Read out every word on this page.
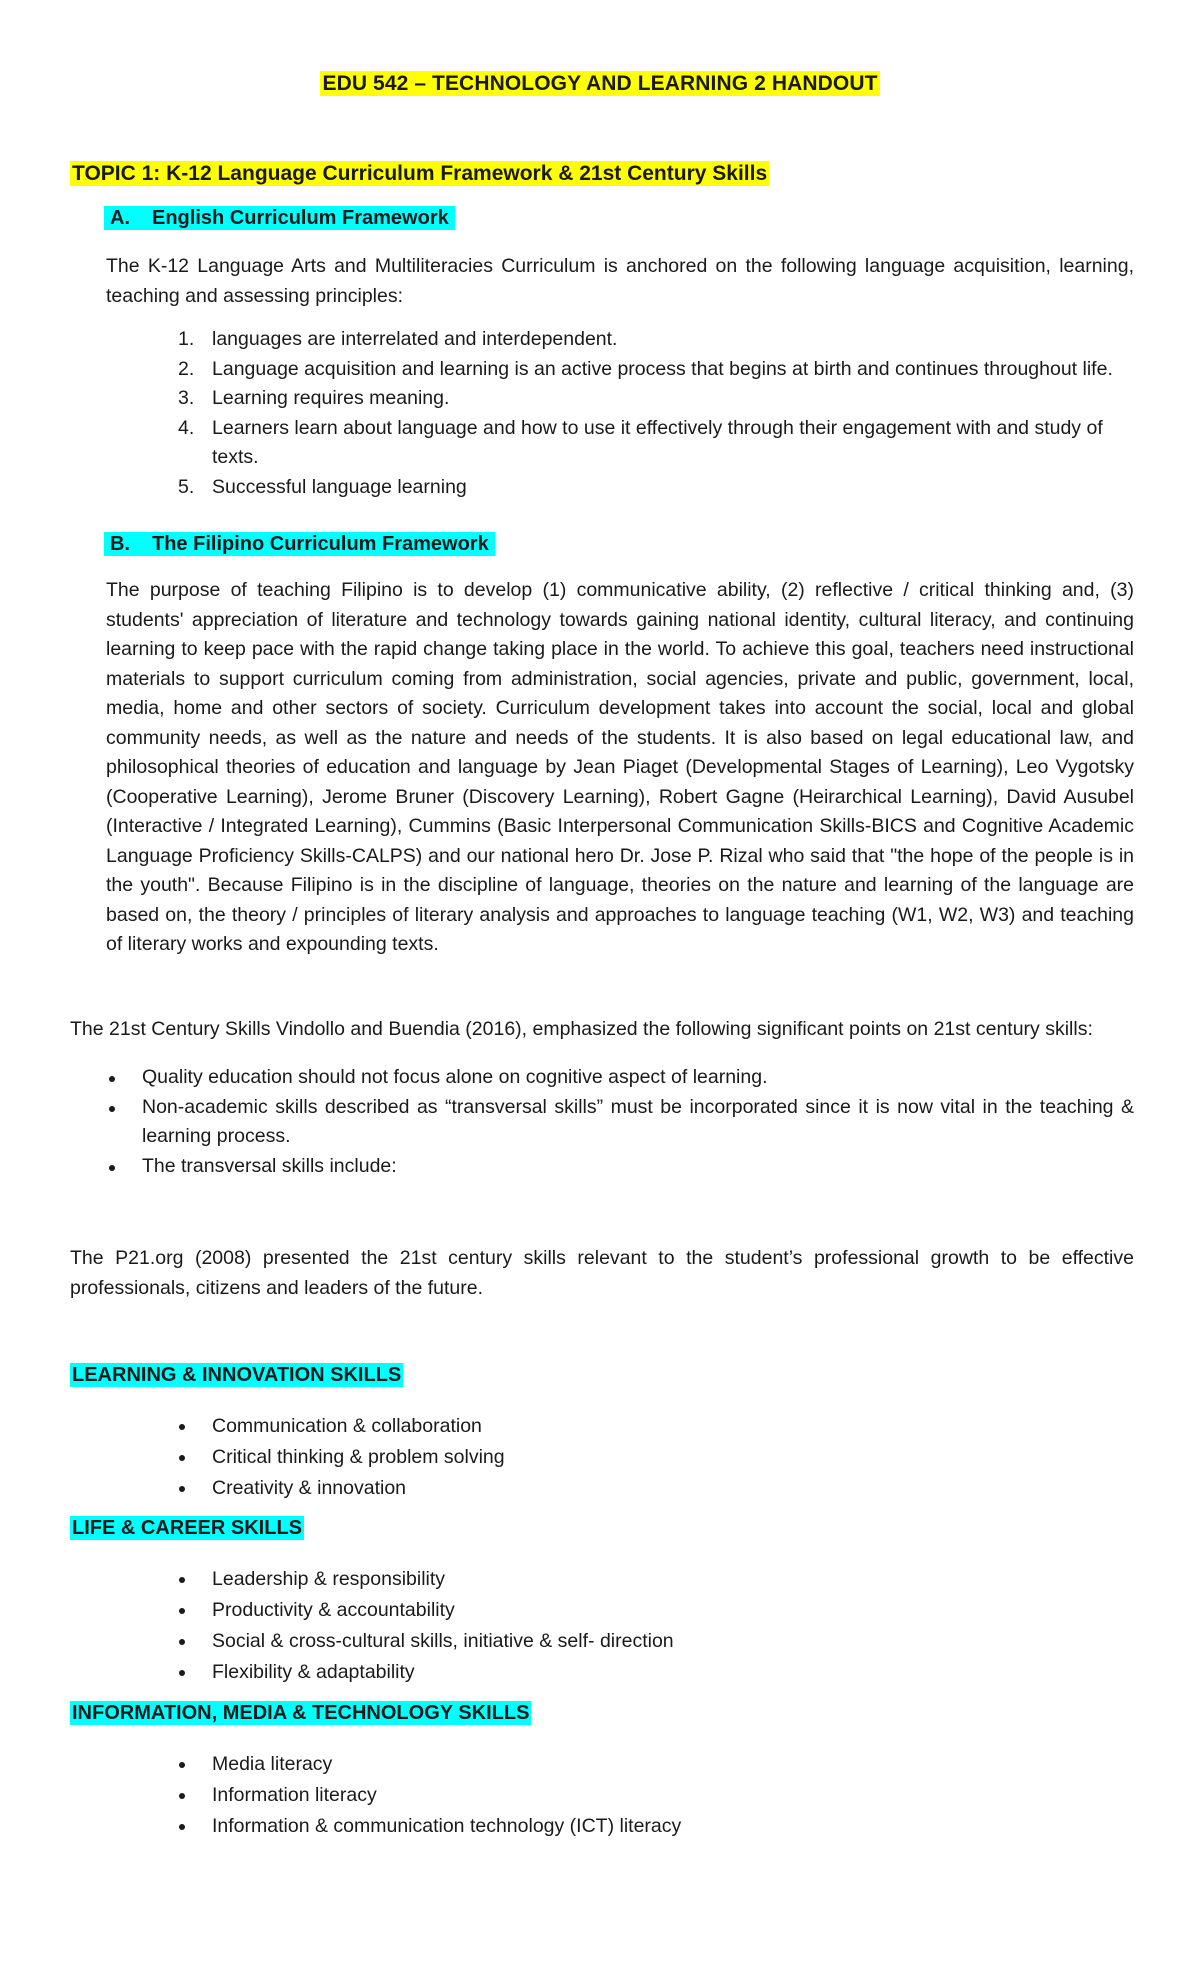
EDU 542 – TECHNOLOGY AND LEARNING 2 HANDOUT
TOPIC 1: K-12 Language Curriculum Framework & 21st Century Skills
A. English Curriculum Framework
The K-12 Language Arts and Multiliteracies Curriculum is anchored on the following language acquisition, learning, teaching and assessing principles:
1. languages are interrelated and interdependent.
2. Language acquisition and learning is an active process that begins at birth and continues throughout life.
3. Learning requires meaning.
4. Learners learn about language and how to use it effectively through their engagement with and study of texts.
5. Successful language learning
B. The Filipino Curriculum Framework
The purpose of teaching Filipino is to develop (1) communicative ability, (2) reflective / critical thinking and, (3) students' appreciation of literature and technology towards gaining national identity, cultural literacy, and continuing learning to keep pace with the rapid change taking place in the world. To achieve this goal, teachers need instructional materials to support curriculum coming from administration, social agencies, private and public, government, local, media, home and other sectors of society. Curriculum development takes into account the social, local and global community needs, as well as the nature and needs of the students. It is also based on legal educational law, and philosophical theories of education and language by Jean Piaget (Developmental Stages of Learning), Leo Vygotsky (Cooperative Learning), Jerome Bruner (Discovery Learning), Robert Gagne (Heirarchical Learning), David Ausubel (Interactive / Integrated Learning), Cummins (Basic Interpersonal Communication Skills-BICS and Cognitive Academic Language Proficiency Skills-CALPS) and our national hero Dr. Jose P. Rizal who said that "the hope of the people is in the youth". Because Filipino is in the discipline of language, theories on the nature and learning of the language are based on, the theory / principles of literary analysis and approaches to language teaching (W1, W2, W3) and teaching of literary works and expounding texts.
The 21st Century Skills Vindollo and Buendia (2016), emphasized the following significant points on 21st century skills:
Quality education should not focus alone on cognitive aspect of learning.
Non-academic skills described as “transversal skills” must be incorporated since it is now vital in the teaching & learning process.
The transversal skills include:
The P21.org (2008) presented the 21st century skills relevant to the student’s professional growth to be effective professionals, citizens and leaders of the future.
LEARNING & INNOVATION SKILLS
Communication & collaboration
Critical thinking & problem solving
Creativity & innovation
LIFE & CAREER SKILLS
Leadership & responsibility
Productivity & accountability
Social & cross-cultural skills, initiative & self- direction
Flexibility & adaptability
INFORMATION, MEDIA & TECHNOLOGY SKILLS
Media literacy
Information literacy
Information & communication technology (ICT) literacy
